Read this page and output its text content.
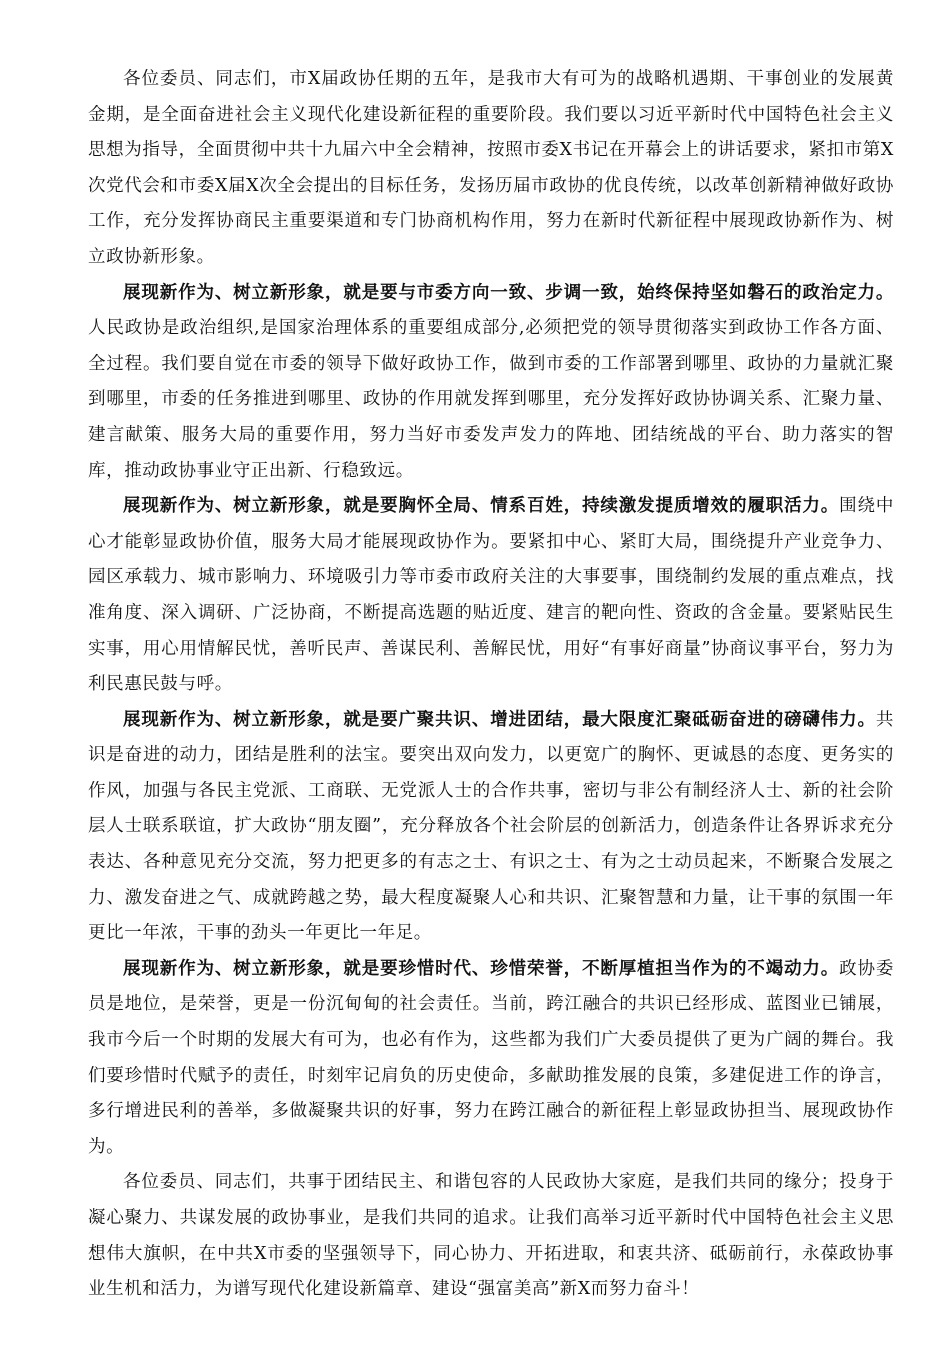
各位委员、同志们，市Ⅹ届政协任期的五年，是我市大有可为的战略机遇期、干事创业的发展黄金期，是全面奋进社会主义现代化建设新征程的重要阶段。我们要以习近平新时代中国特色社会主义思想为指导，全面贯彻中共十九届六中全会精神，按照市委Ⅹ书记在开幕会上的讲话要求，紧扣市第Ⅹ次党代会和市委Ⅹ届Ⅹ次全会提出的目标任务，发扬历届市政协的优良传统，以改革创新精神做好政协工作，充分发挥协商民主重要渠道和专门协商机构作用，努力在新时代新征程中展现政协新作为、树立政协新形象。

展现新作为、树立新形象，就是要与市委方向一致、步调一致，始终保持坚如磐石的政治定力。人民政协是政治组织,是国家治理体系的重要组成部分,必须把党的领导贯彻落实到政协工作各方面、全过程。我们要自觉在市委的领导下做好政协工作，做到市委的工作部署到哪里、政协的力量就汇聚到哪里，市委的任务推进到哪里、政协的作用就发挥到哪里，充分发挥好政协协调关系、汇聚力量、建言献策、服务大局的重要作用，努力当好市委发声发力的阵地、团结统战的平台、助力落实的智库，推动政协事业守正出新、行稳致远。

展现新作为、树立新形象，就是要胸怀全局、情系百姓，持续激发提质增效的履职活力。围绕中心才能彰显政协价值，服务大局才能展现政协作为。要紧扣中心、紧盯大局，围绕提升产业竞争力、园区承载力、城市影响力、环境吸引力等市委市政府关注的大事要事，围绕制约发展的重点难点，找准角度、深入调研、广泛协商，不断提高选题的贴近度、建言的靶向性、资政的含金量。要紧贴民生实事，用心用情解民忧，善听民声、善谋民利、善解民忧，用好“有事好商量”协商议事平台，努力为利民惠民鼓与呼。

展现新作为、树立新形象，就是要广聚共识、增进团结，最大限度汇聚砥砺奋进的磅礴伟力。共识是奋进的动力，团结是胜利的法宝。要突出双向发力，以更宽广的胸怀、更诚恳的态度、更务实的作风，加强与各民主党派、工商联、无党派人士的合作共事，密切与非公有制经济人士、新的社会阶层人士联系联谊，扩大政协“朋友圈”，充分释放各个社会阶层的创新活力，创造条件让各界诉求充分表达、各种意见充分交流，努力把更多的有志之士、有识之士、有为之士动员起来，不断聚合发展之力、激发奋进之气、成就跨越之势，最大程度凝聚人心和共识、汇聚智慧和力量，让干事的氛围一年更比一年浓，干事的劲头一年更比一年足。

展现新作为、树立新形象，就是要珍惜时代、珍惜荣誉，不断厚植担当作为的不竭动力。政协委员是地位，是荣誉，更是一份沉甸甸的社会责任。当前，跨江融合的共识已经形成、蓝图业已铺展，我市今后一个时期的发展大有可为，也必有作为，这些都为我们广大委员提供了更为广阔的舞台。我们要珍惜时代赋予的责任，时刻牢记肩负的历史使命，多献助推发展的良策，多建促进工作的诤言，多行增进民利的善举，多做凝聚共识的好事，努力在跨江融合的新征程上彰显政协担当、展现政协作为。

各位委员、同志们，共事于团结民主、和谐包容的人民政协大家庭，是我们共同的缘分；投身于凝心聚力、共谋发展的政协事业，是我们共同的追求。让我们高举习近平新时代中国特色社会主义思想伟大旗帜，在中共Ⅹ市委的坚强领导下，同心协力、开拓进取，和衷共济、砥砺前行，永葆政协事业生机和活力，为谱写现代化建设新篇章、建设“强富美高”新Ⅹ而努力奋斗！
